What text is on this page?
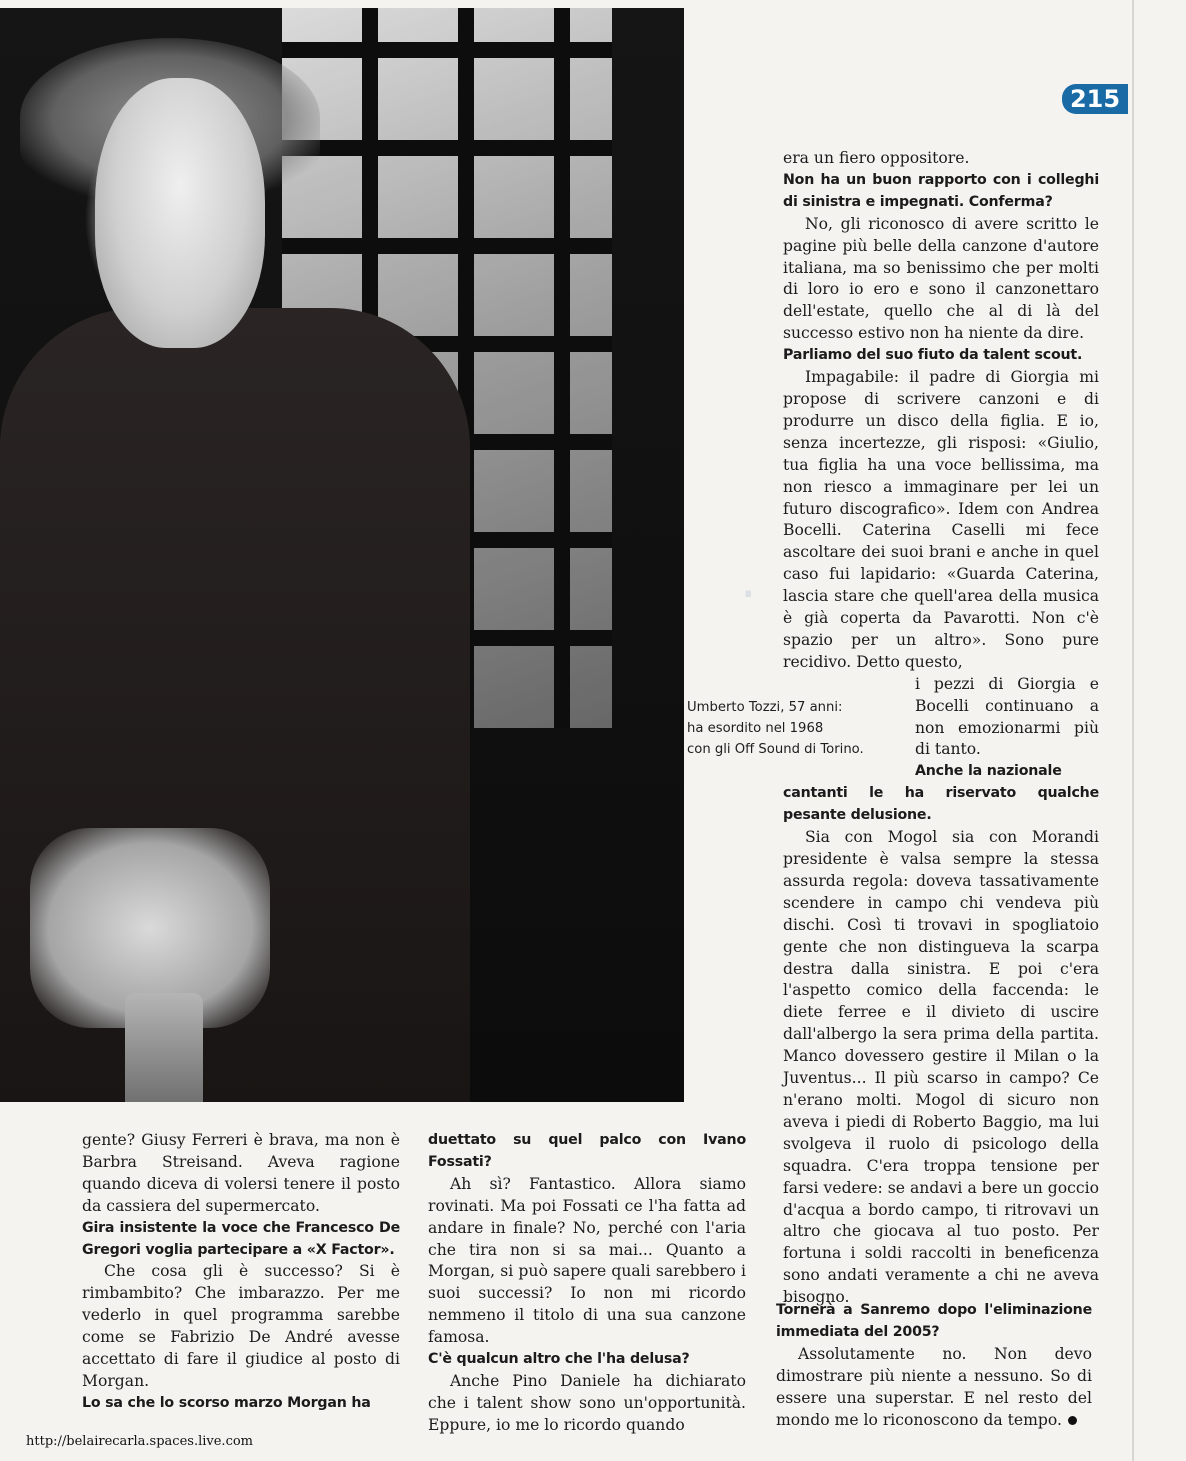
.
215
Umberto Tozzi, 57 anni:
ha esordito nel 1968
con gli Off Sound di Torino.

era un fiero oppositore.

Non ha un buon rapporto con i colleghi di sinistra e impegnati. Conferma?

No, gli riconosco di avere scritto le pagine più belle della canzone d'autore italiana, ma so benissimo che per molti di loro io ero e sono il canzonettaro dell'estate, quello che al di là del successo estivo non ha niente da dire.

Parliamo del suo fiuto da talent scout.

Impagabile: il padre di Giorgia mi propose di scrivere canzoni e di produrre un disco della figlia. E io, senza incertezze, gli risposi: «Giulio, tua figlia ha una voce bellissima, ma non riesco a immaginare per lei un futuro discografico». Idem con Andrea Bocelli. Caterina Caselli mi fece ascoltare dei suoi brani e anche in quel caso fui lapidario: «Guarda Caterina, lascia stare che quell'area della musica è già coperta da Pavarotti. Non c'è spazio per un altro». Sono pure recidivo. Detto questo,

i pezzi di Giorgia e Bocelli continuano a non emozionarmi più di tanto.

Anche la nazionale

cantanti le ha riservato qualche pesante delusione.

Sia con Mogol sia con Morandi presidente è valsa sempre la stessa assurda regola: doveva tassativamente scendere in campo chi vendeva più dischi. Così ti trovavi in spogliatoio gente che non distingueva la scarpa destra dalla sinistra. E poi c'era l'aspetto comico della faccenda: le diete ferree e il divieto di uscire dall'albergo la sera prima della partita. Manco dovessero gestire il Milan o la Juventus... Il più scarso in campo? Ce n'erano molti. Mogol di sicuro non aveva i piedi di Roberto Baggio, ma lui svolgeva il ruolo di psicologo della squadra. C'era troppa tensione per farsi vedere: se andavi a bere un goccio d'acqua a bordo campo, ti ritrovavi un altro che giocava al tuo posto. Per fortuna i soldi raccolti in beneficenza sono andati veramente a chi ne aveva bisogno.

gente? Giusy Ferreri è brava, ma non è Barbra Streisand. Aveva ragione quando diceva di volersi tenere il posto da cassiera del supermercato.

Gira insistente la voce che Francesco De Gregori voglia partecipare a «X Factor».

Che cosa gli è successo? Si è rimbambito? Che imbarazzo. Per me vederlo in quel programma sarebbe come se Fabrizio De André avesse accettato di fare il giudice al posto di Morgan.

Lo sa che lo scorso marzo Morgan ha

duettato su quel palco con Ivano Fossati?

Ah sì? Fantastico. Allora siamo rovinati. Ma poi Fossati ce l'ha fatta ad andare in finale? No, perché con l'aria che tira non si sa mai... Quanto a Morgan, si può sapere quali sarebbero i suoi successi? Io non mi ricordo nemmeno il titolo di una sua canzone famosa.

C'è qualcun altro che l'ha delusa?

Anche Pino Daniele ha dichiarato che i talent show sono un'opportunità. Eppure, io me lo ricordo quando

Tornerà a Sanremo dopo l'eliminazione immediata del 2005?

Assolutamente no. Non devo dimostrare più niente a nessuno. So di essere una superstar. E nel resto del mondo me lo riconoscono da tempo.

http://belairecarla.spaces.live.com
